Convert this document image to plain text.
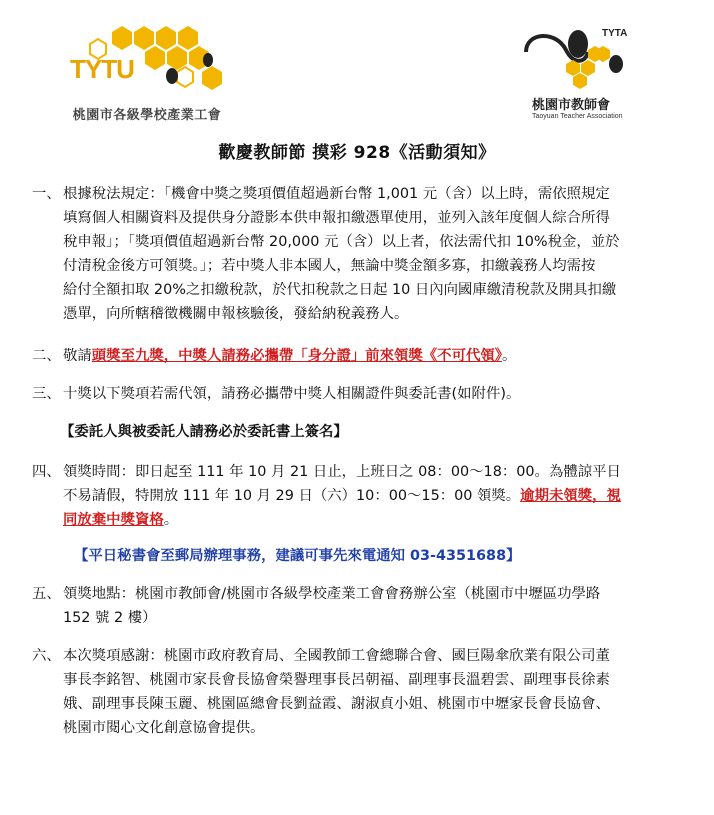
TYTU
桃園市各級學校產業工會
TYTA
桃園市教師會
Taoyuan Teacher Association
歡慶教師節 摸彩 928《活動須知》
一、 根據稅法規定：「機會中獎之獎項價值超過新台幣 1,001 元（含）以上時，需依照規定
填寫個人相關資料及提供身分證影本供申報扣繳憑單使用，並列入該年度個人綜合所得
稅申報」；「獎項價值超過新台幣 20,000 元（含）以上者，依法需代扣 10%稅金，並於
付清稅金後方可領獎。」；若中獎人非本國人，無論中獎金額多寡，扣繳義務人均需按
給付全額扣取 20%之扣繳稅款，於代扣稅款之日起 10 日內向國庫繳清稅款及開具扣繳
憑單，向所轄稽徵機關申報核驗後，發給納稅義務人。
二、 敬請頭獎至九獎，中獎人請務必攜帶「身分證」前來領獎《不可代領》。
三、 十獎以下獎項若需代領，請務必攜帶中獎人相關證件與委託書(如附件)。
【委託人與被委託人請務必於委託書上簽名】
四、 領獎時間：即日起至 111 年 10 月 21 日止，上班日之 08：00～18：00。為體諒平日
不易請假，特開放 111 年 10 月 29 日（六）10：00～15：00 領獎。逾期未領獎，視
同放棄中獎資格。
【平日秘書會至郵局辦理事務，建議可事先來電通知 03-4351688】
五、 領獎地點：桃園市教師會/桃園市各級學校產業工會會務辦公室（桃園市中壢區功學路
152 號 2 樓）
六、 本次獎項感謝：桃園市政府教育局、全國教師工會總聯合會、國巨陽傘欣業有限公司董
事長李銘智、桃園市家長會長協會榮譽理事長呂朝福、副理事長溫碧雲、副理事長徐素
娥、副理事長陳玉麗、桃園區總會長劉益霞、謝淑貞小姐、桃園市中壢家長會長協會、
桃園市閱心文化創意協會提供。
